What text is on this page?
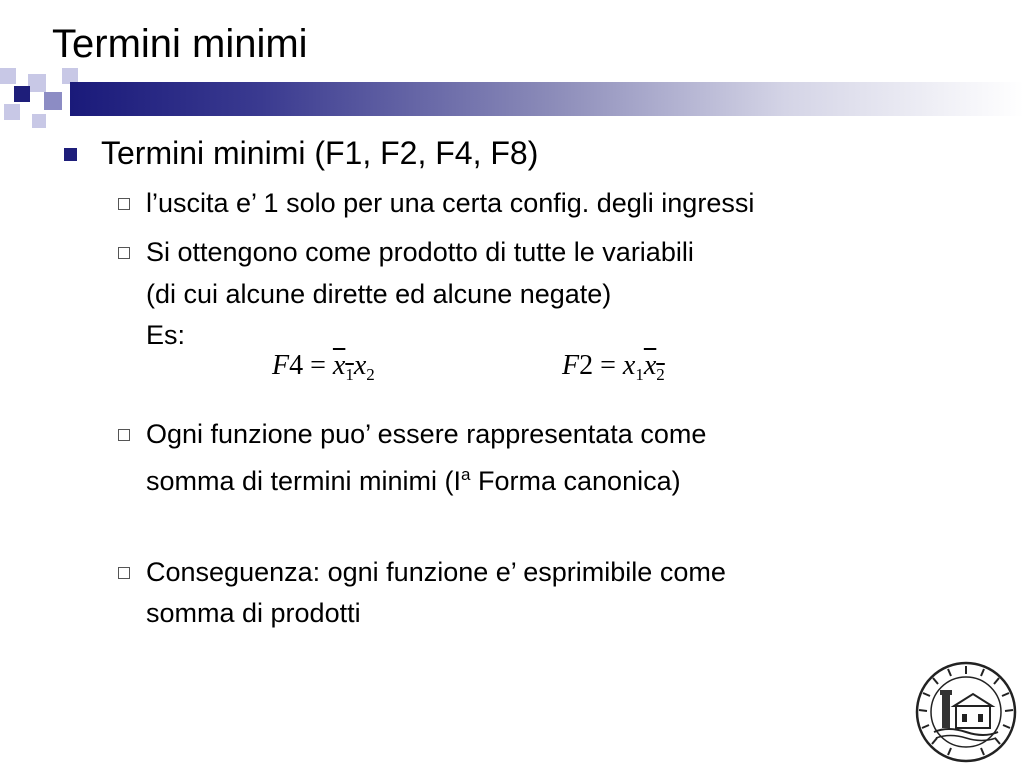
Termini minimi
Termini minimi (F1, F2, F4, F8)
l’uscita e’ 1 solo per una certa config. degli ingressi
Si ottengono come prodotto di tutte le variabili
(di cui alcune dirette ed alcune negate)
Es:
$F4 = x_1x_2$	$F2 = x_1x_2$
Ogni funzione puo’ essere rappresentata come
somma di termini minimi ($I^a$ Forma canonica)
Conseguenza: ogni funzione e’ esprimibile come
somma di prodotti
